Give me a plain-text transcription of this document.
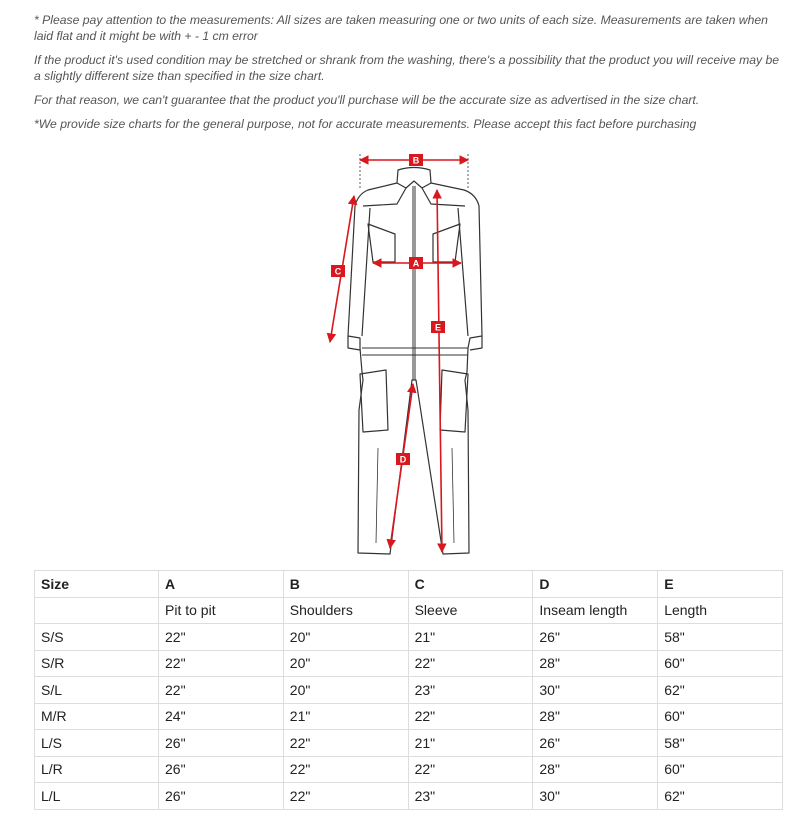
* Please pay attention to the measurements: All sizes are taken measuring one or two units of each size. Measurements are taken when laid flat and it might be with + - 1 cm error

If the product it's used condition may be stretched or shrank from the washing, there's a possibility that the product you will receive may be a slightly different size than specified in the size chart.

For that reason, we can't guarantee that the product you'll purchase will be the accurate size as advertised in the size chart.

*We provide size charts for the general purpose, not for accurate measurements. Please accept this fact before purchasing

B
A
C
E
D
Size	A	B	C	D	E
	Pit to pit	Shoulders	Sleeve	Inseam length	Length
S/S	22"	20"	21"	26"	58"
S/R	22"	20"	22"	28"	60"
S/L	22"	20"	23"	30"	62"
M/R	24"	21"	22"	28"	60"
L/S	26"	22"	21"	26"	58"
L/R	26"	22"	22"	28"	60"
L/L	26"	22"	23"	30"	62"
